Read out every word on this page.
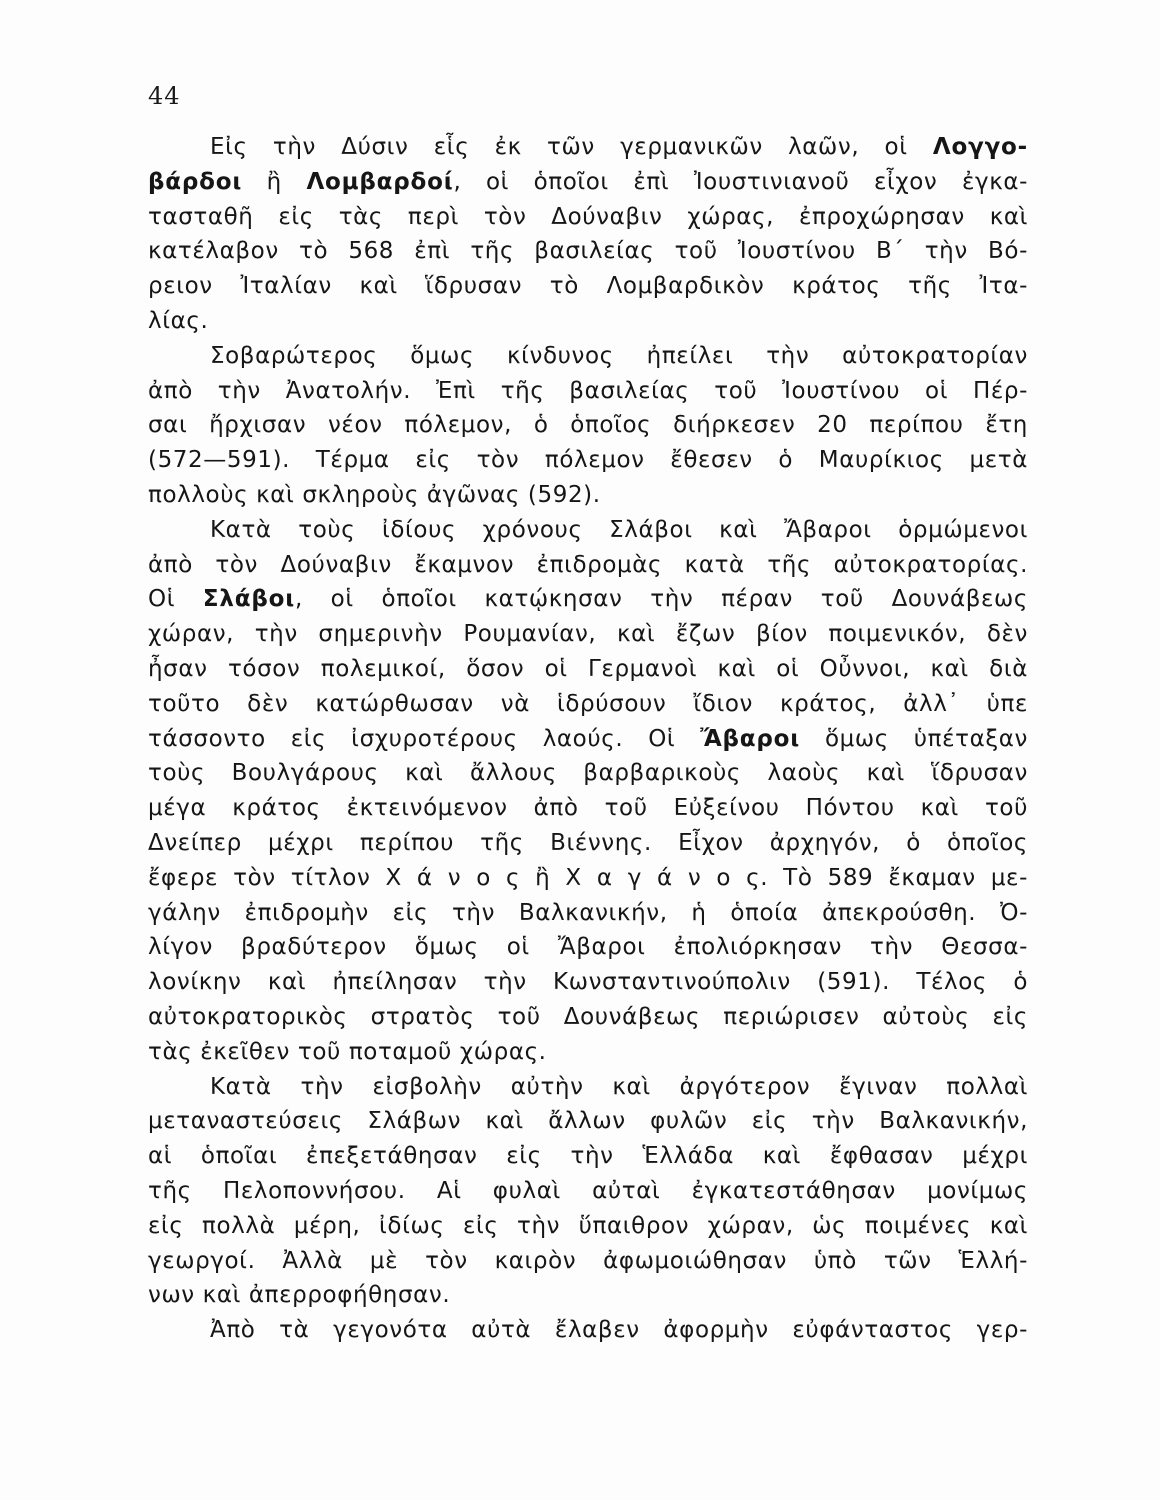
44
Εἰς τὴν Δύσιν εἷς ἐκ τῶν γερμανικῶν λαῶν, οἱ Λογγο-
βάρδοι ἢ Λομβαρδοί, οἱ ὁποῖοι ἐπὶ Ἰουστινιανοῦ εἶχον ἐγκα-
τασταθῆ εἰς τὰς περὶ τὸν Δούναβιν χώρας, ἐπροχώρησαν καὶ
κατέλαβον τὸ 568 ἐπὶ τῆς βασιλείας τοῦ Ἰουστίνου Β΄ τὴν Βό-
ρειον Ἰταλίαν καὶ ἵδρυσαν τὸ Λομβαρδικὸν κράτος τῆς Ἰτα-
λίας.
Σοβαρώτερος ὅμως κίνδυνος ἠπείλει τὴν αὐτοκρατορίαν
ἀπὸ τὴν Ἀνατολήν. Ἐπὶ τῆς βασιλείας τοῦ Ἰουστίνου οἱ Πέρ-
σαι ἤρχισαν νέον πόλεμον, ὁ ὁποῖος διήρκεσεν 20 περίπου ἔτη
(572—591). Τέρμα εἰς τὸν πόλεμον ἔθεσεν ὁ Μαυρίκιος μετὰ
πολλοὺς καὶ σκληροὺς ἀγῶνας (592).
Κατὰ τοὺς ἰδίους χρόνους Σλάβοι καὶ Ἄβαροι ὁρμώμενοι
ἀπὸ τὸν Δούναβιν ἔκαμνον ἐπιδρομὰς κατὰ τῆς αὐτοκρατορίας.
Οἱ Σλάβοι, οἱ ὁποῖοι κατῴκησαν τὴν πέραν τοῦ Δουνάβεως
χώραν, τὴν σημερινὴν Ρουμανίαν, καὶ ἔζων βίον ποιμενικόν, δὲν
ἦσαν τόσον πολεμικοί, ὅσον οἱ Γερμανοὶ καὶ οἱ Οὖννοι, καὶ διὰ
τοῦτο δὲν κατώρθωσαν νὰ ἱδρύσουν ἴδιον κράτος, ἀλλ᾽ ὑπε
τάσσοντο εἰς ἰσχυροτέρους λαούς. Οἱ Ἄβαροι ὅμως ὑπέταξαν
τοὺς Βουλγάρους καὶ ἄλλους βαρβαρικοὺς λαοὺς καὶ ἵδρυσαν
μέγα κράτος ἐκτεινόμενον ἀπὸ τοῦ Εὐξείνου Πόντου καὶ τοῦ
Δνείπερ μέχρι περίπου τῆς Βιέννης. Εἶχον ἀρχηγόν, ὁ ὁποῖος
ἔφερε τὸν τίτλον Χ ά ν ο ς ἢ Χ α γ ά ν ο ς. Τὸ 589 ἔκαμαν με-
γάλην ἐπιδρομὴν εἰς τὴν Βαλκανικήν, ἡ ὁποία ἀπεκρούσθη. Ὀ-
λίγον βραδύτερον ὅμως οἱ Ἄβαροι ἐπολιόρκησαν τὴν Θεσσα-
λονίκην καὶ ἠπείλησαν τὴν Κωνσταντινούπολιν (591). Τέλος ὁ
αὐτοκρατορικὸς στρατὸς τοῦ Δουνάβεως περιώρισεν αὐτοὺς εἰς
τὰς ἐκεῖθεν τοῦ ποταμοῦ χώρας.
Κατὰ τὴν εἰσβολὴν αὐτὴν καὶ ἀργότερον ἔγιναν πολλαὶ
μεταναστεύσεις Σλάβων καὶ ἄλλων φυλῶν εἰς τὴν Βαλκανικήν,
αἱ ὁποῖαι ἐπεξετάθησαν εἰς τὴν Ἑλλάδα καὶ ἔφθασαν μέχρι
τῆς Πελοποννήσου. Αἱ φυλαὶ αὐταὶ ἐγκατεστάθησαν μονίμως
εἰς πολλὰ μέρη, ἰδίως εἰς τὴν ὕπαιθρον χώραν, ὡς ποιμένες καὶ
γεωργοί. Ἀλλὰ μὲ τὸν καιρὸν ἀφωμοιώθησαν ὑπὸ τῶν Ἑλλή-
νων καὶ ἀπερροφήθησαν.
Ἀπὸ τὰ γεγονότα αὐτὰ ἔλαβεν ἀφορμὴν εὐφάνταστος γερ-
